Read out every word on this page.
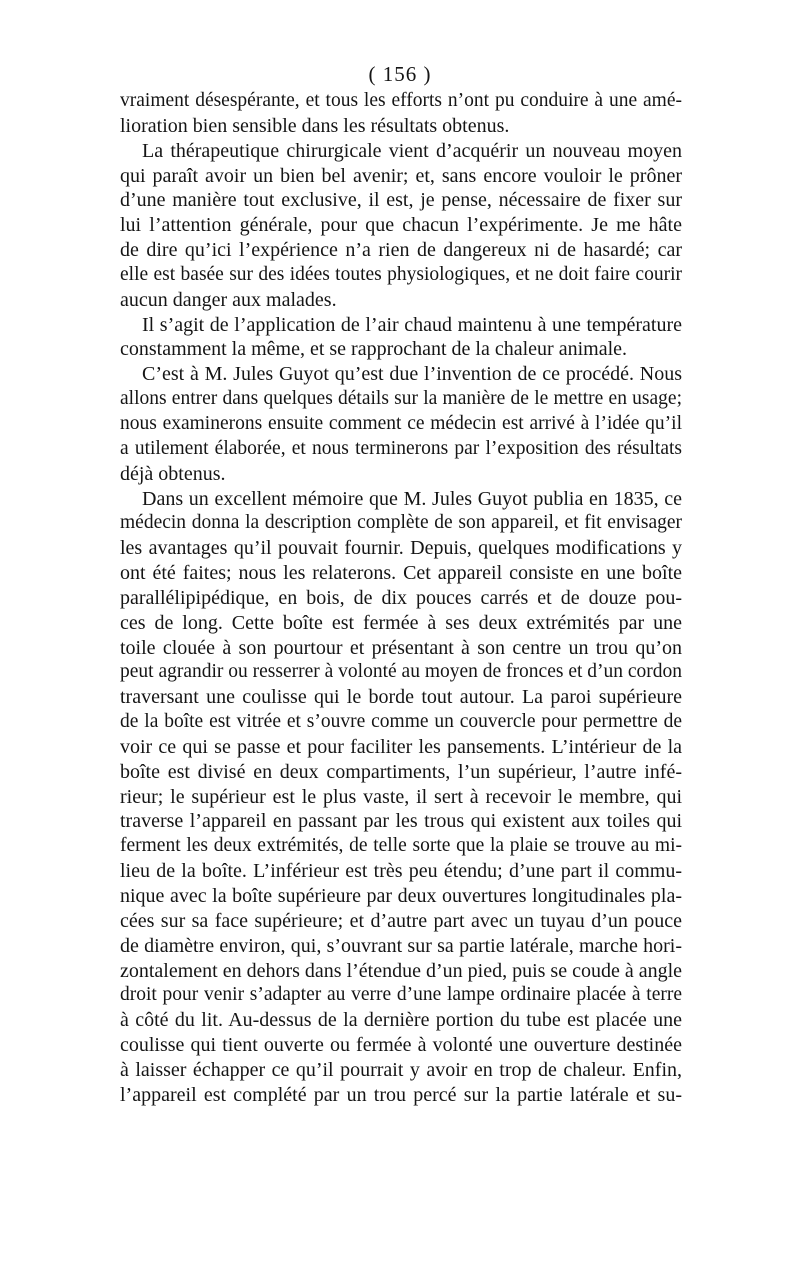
( 156 )
vraiment désespérante, et tous les efforts n’ont pu conduire à une amé-
lioration bien sensible dans les résultats obtenus.
La thérapeutique chirurgicale vient d’acquérir un nouveau moyen
qui paraît avoir un bien bel avenir; et, sans encore vouloir le prôner
d’une manière tout exclusive, il est, je pense, nécessaire de fixer sur
lui l’attention générale, pour que chacun l’expérimente. Je me hâte
de dire qu’ici l’expérience n’a rien de dangereux ni de hasardé; car
elle est basée sur des idées toutes physiologiques, et ne doit faire courir
aucun danger aux malades.
Il s’agit de l’application de l’air chaud maintenu à une température
constamment la même, et se rapprochant de la chaleur animale.
C’est à M. Jules Guyot qu’est due l’invention de ce procédé. Nous
allons entrer dans quelques détails sur la manière de le mettre en usage;
nous examinerons ensuite comment ce médecin est arrivé à l’idée qu’il
a utilement élaborée, et nous terminerons par l’exposition des résultats
déjà obtenus.
Dans un excellent mémoire que M. Jules Guyot publia en 1835, ce
médecin donna la description complète de son appareil, et fit envisager
les avantages qu’il pouvait fournir. Depuis, quelques modifications y
ont été faites; nous les relaterons. Cet appareil consiste en une boîte
parallélipipédique, en bois, de dix pouces carrés et de douze pou-
ces de long. Cette boîte est fermée à ses deux extrémités par une
toile clouée à son pourtour et présentant à son centre un trou qu’on
peut agrandir ou resserrer à volonté au moyen de fronces et d’un cordon
traversant une coulisse qui le borde tout autour. La paroi supérieure
de la boîte est vitrée et s’ouvre comme un couvercle pour permettre de
voir ce qui se passe et pour faciliter les pansements. L’intérieur de la
boîte est divisé en deux compartiments, l’un supérieur, l’autre infé-
rieur; le supérieur est le plus vaste, il sert à recevoir le membre, qui
traverse l’appareil en passant par les trous qui existent aux toiles qui
ferment les deux extrémités, de telle sorte que la plaie se trouve au mi-
lieu de la boîte. L’inférieur est très peu étendu; d’une part il commu-
nique avec la boîte supérieure par deux ouvertures longitudinales pla-
cées sur sa face supérieure; et d’autre part avec un tuyau d’un pouce
de diamètre environ, qui, s’ouvrant sur sa partie latérale, marche hori-
zontalement en dehors dans l’étendue d’un pied, puis se coude à angle
droit pour venir s’adapter au verre d’une lampe ordinaire placée à terre
à côté du lit. Au-dessus de la dernière portion du tube est placée une
coulisse qui tient ouverte ou fermée à volonté une ouverture destinée
à laisser échapper ce qu’il pourrait y avoir en trop de chaleur. Enfin,
l’appareil est complété par un trou percé sur la partie latérale et su-
